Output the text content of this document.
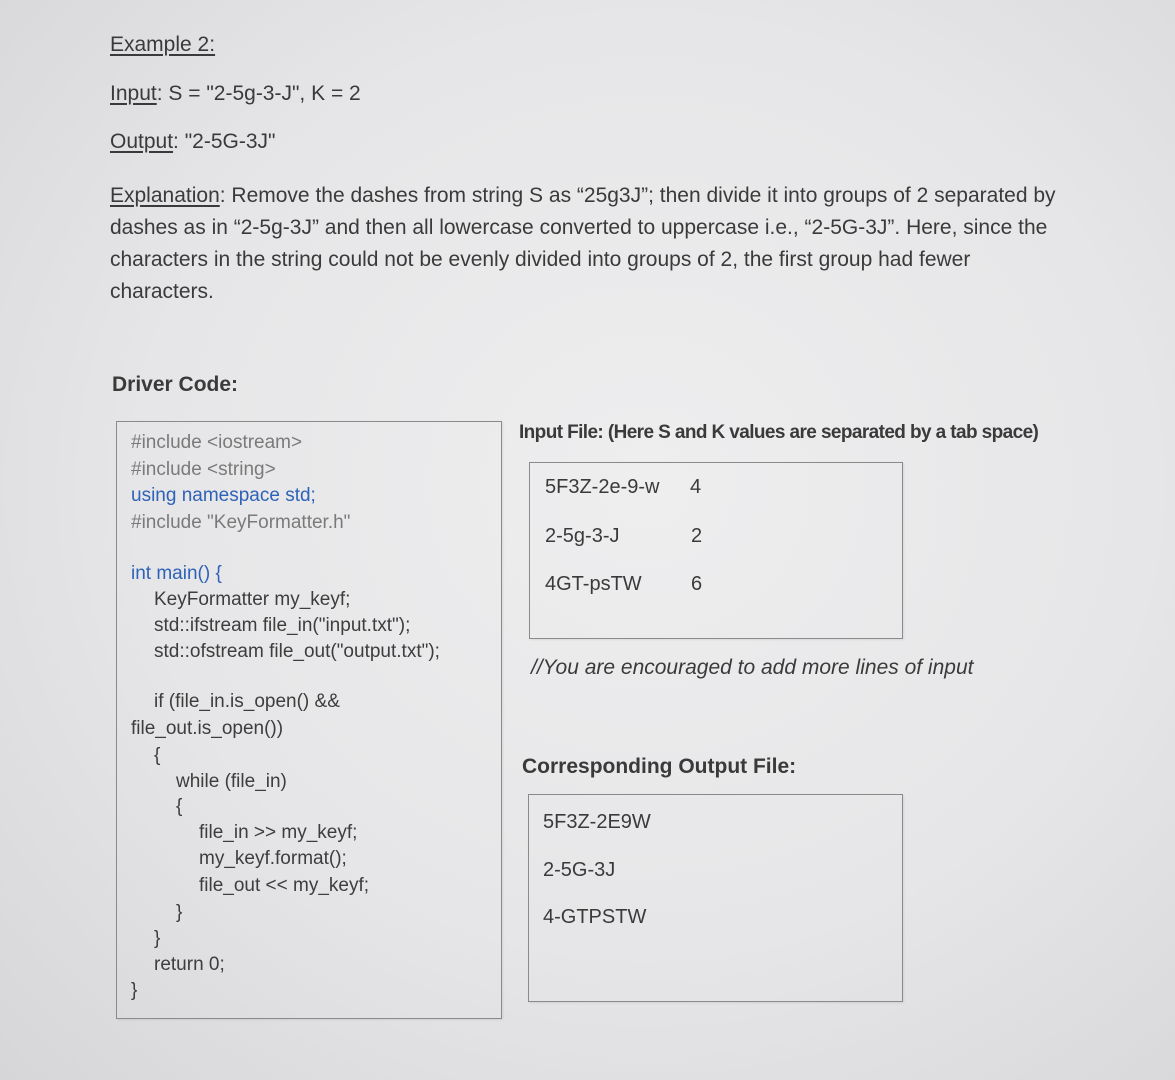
Example 2:
Input: S = "2-5g-3-J", K = 2
Output: "2-5G-3J"
Explanation: Remove the dashes from string S as “25g3J”; then divide it into groups of 2 separated by dashes as in “2-5g-3J” and then all lowercase converted to uppercase i.e., “2-5G-3J”. Here, since the characters in the string could not be evenly divided into groups of 2, the first group had fewer characters.
Driver Code:
#include <iostream>
#include <string>
using namespace std;
#include "KeyFormatter.h"
int main() {
KeyFormatter my_keyf;
std::ifstream file_in("input.txt");
std::ofstream file_out("output.txt");
if (file_in.is_open() &&
file_out.is_open())
{
while (file_in)
{
file_in >> my_keyf;
my_keyf.format();
file_out << my_keyf;
}
}
return 0;
}
Input File: (Here S and K values are separated by a tab space)
5F3Z-2e-9-w 4
2-5g-3-J	2
4GT-psTW 6
//You are encouraged to add more lines of input
Corresponding Output File:
5F3Z-2E9W
2-5G-3J
4-GTPSTW
